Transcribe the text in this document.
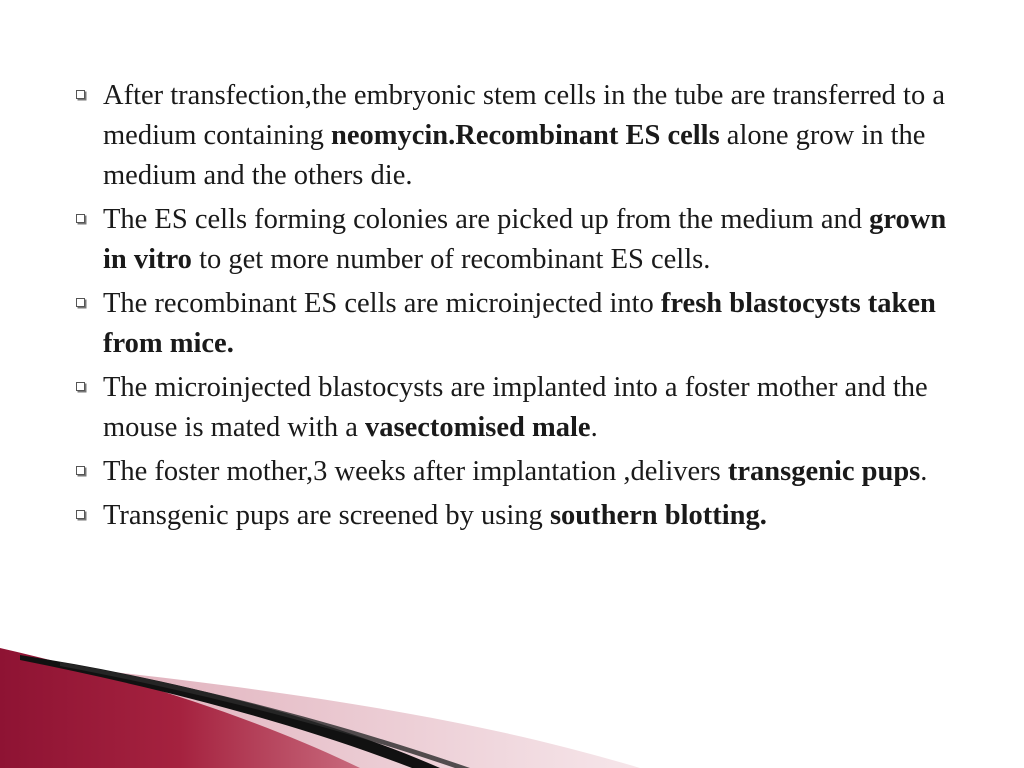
After transfection,the embryonic stem cells in the tube are transferred to a medium containing neomycin.Recombinant ES cells alone grow in the medium and the others die.
The ES cells forming colonies are picked up from the medium and grown in vitro to get more number of recombinant ES cells.
The recombinant ES cells are microinjected into fresh blastocysts taken from mice.
The microinjected blastocysts are implanted into a foster mother and the mouse is mated with a vasectomised male.
The foster mother,3 weeks after implantation ,delivers transgenic pups.
Transgenic pups are screened by using southern blotting.
